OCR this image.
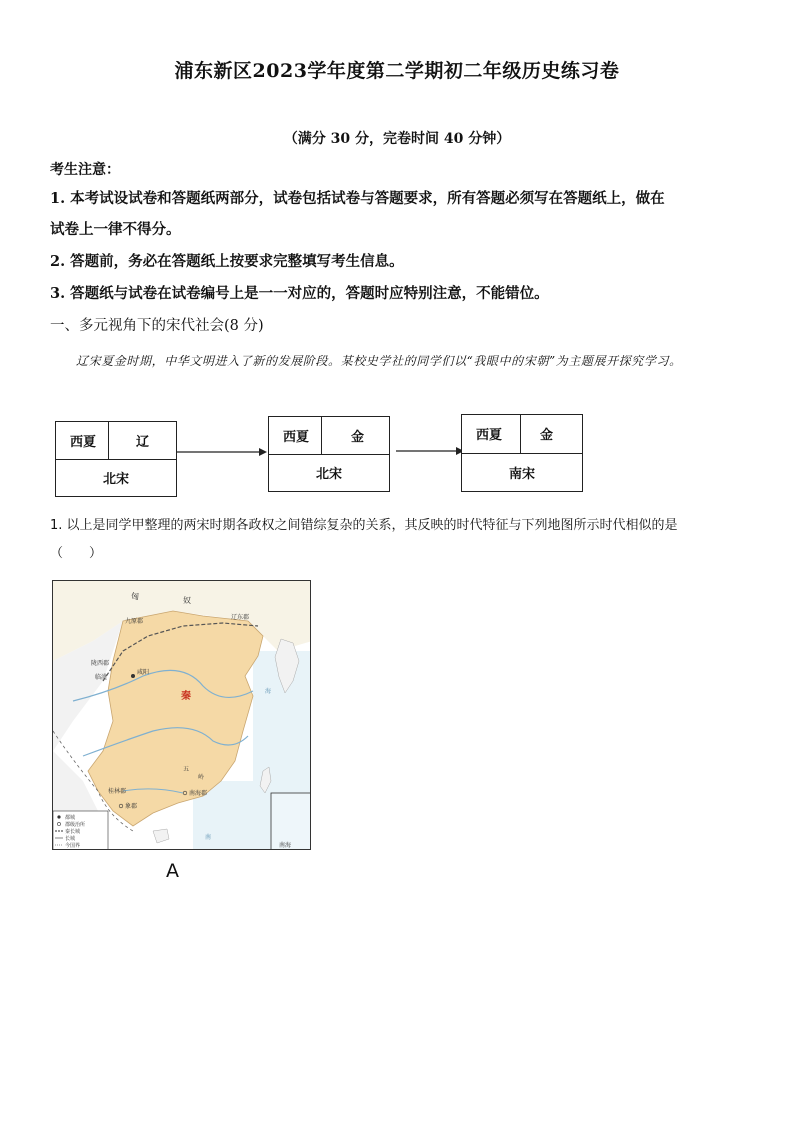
浦东新区2023学年度第二学期初二年级历史练习卷
（满分 30 分，完卷时间 40 分钟）
考生注意：
1. 本考试设试卷和答题纸两部分，试卷包括试卷与答题要求，所有答题必须写在答题纸上，做在
试卷上一律不得分。
2. 答题前，务必在答题纸上按要求完整填写考生信息。
3. 答题纸与试卷在试卷编号上是一一对应的，答题时应特别注意，不能错位。
一、多元视角下的宋代社会(8 分)
辽宋夏金时期，中华文明进入了新的发展阶段。某校史学社的同学们以“我眼中的宋朝”为主题展开探究学习。
西夏	辽
北宋
西夏	金
北宋
西夏	金
南宋
1. 以上是同学甲整理的两宋时期各政权之间错综复杂的关系，其反映的时代特征与下列地图所示时代相似的是
（　　）
南海
都城
郡级治所
秦长城
长城
今国界
匈	奴
辽东郡
九原郡
陇西郡
临洮
咸阳
秦
五
岭
桂林郡
象郡
南海郡
海
南
A
